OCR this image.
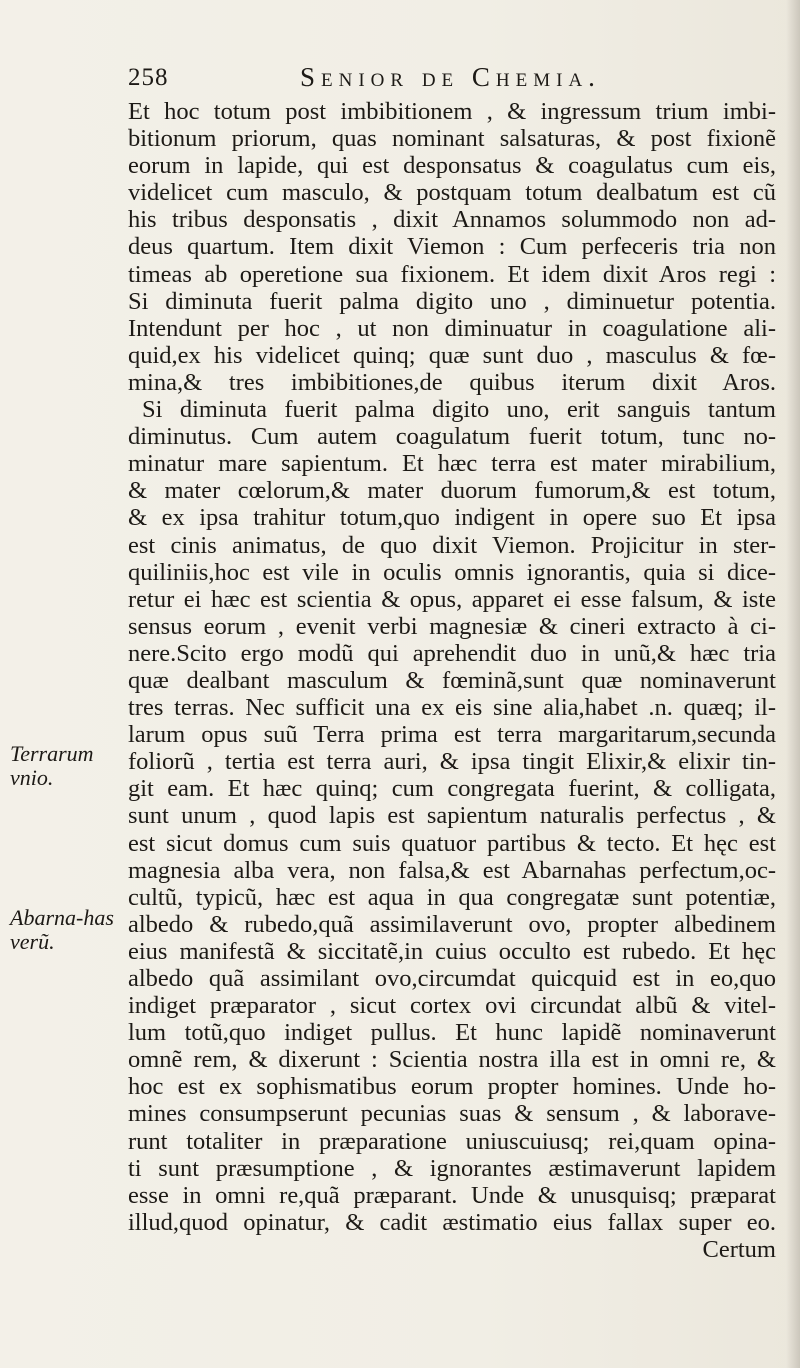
258	Senior de Chemia.
Terrarum vnio.
Abarna-has verũ.
Et hoc totum post imbibitionem , & ingressum trium imbi-
bitionum priorum, quas nominant salsaturas, & post fixionẽ
eorum in lapide, qui est desponsatus & coagulatus cum eis,
videlicet cum masculo, & postquam totum dealbatum est cũ
his tribus desponsatis , dixit Annamos solummodo non ad-
deus quartum. Item dixit Viemon : Cum perfeceris tria non
timeas ab operetione sua fixionem. Et idem dixit Aros regi :
Si diminuta fuerit palma digito uno , diminuetur potentia.
Intendunt per hoc , ut non diminuatur in coagulatione ali-
quid,ex his videlicet quinq; quæ sunt duo , masculus & fœ-
mina,& tres imbibitiones,de quibus iterum dixit Aros.
Si diminuta fuerit palma digito uno, erit sanguis tantum
diminutus. Cum autem coagulatum fuerit totum, tunc no-
minatur mare sapientum. Et hæc terra est mater mirabilium,
& mater cœlorum,& mater duorum fumorum,& est totum,
& ex ipsa trahitur totum,quo indigent in opere suo Et ipsa
est cinis animatus, de quo dixit Viemon. Projicitur in ster-
quiliniis,hoc est vile in oculis omnis ignorantis, quia si dice-
retur ei hæc est scientia & opus, apparet ei esse falsum, & iste
sensus eorum , evenit verbi magnesiæ & cineri extracto à ci-
nere.Scito ergo modũ qui aprehendit duo in unũ,& hæc tria
quæ dealbant masculum & fœminã,sunt quæ nominaverunt
tres terras. Nec sufficit una ex eis sine alia,habet .n. quæq; il-
larum opus suũ Terra prima est terra margaritarum,secunda
foliorũ , tertia est terra auri, & ipsa tingit Elixir,& elixir tin-
git eam. Et hæc quinq; cum congregata fuerint, & colligata,
sunt unum , quod lapis est sapientum naturalis perfectus , &
est sicut domus cum suis quatuor partibus & tecto. Et hęc est
magnesia alba vera, non falsa,& est Abarnahas perfectum,oc-
cultũ, typicũ, hæc est aqua in qua congregatæ sunt potentiæ,
albedo & rubedo,quã assimilaverunt ovo, propter albedinem
eius manifestã & siccitatẽ,in cuius occulto est rubedo. Et hęc
albedo quã assimilant ovo,circumdat quicquid est in eo,quo
indiget præparator , sicut cortex ovi circundat albũ & vitel-
lum totũ,quo indiget pullus. Et hunc lapidẽ nominaverunt
omnẽ rem, & dixerunt : Scientia nostra illa est in omni re, &
hoc est ex sophismatibus eorum propter homines. Unde ho-
mines consumpserunt pecunias suas & sensum , & laborave-
runt totaliter in præparatione uniuscuiusq; rei,quam opina-
ti sunt præsumptione , & ignorantes æstimaverunt lapidem
esse in omni re,quã præparant. Unde & unusquisq; præparat
illud,quod opinatur, & cadit æstimatio eius fallax super eo.
Certum
